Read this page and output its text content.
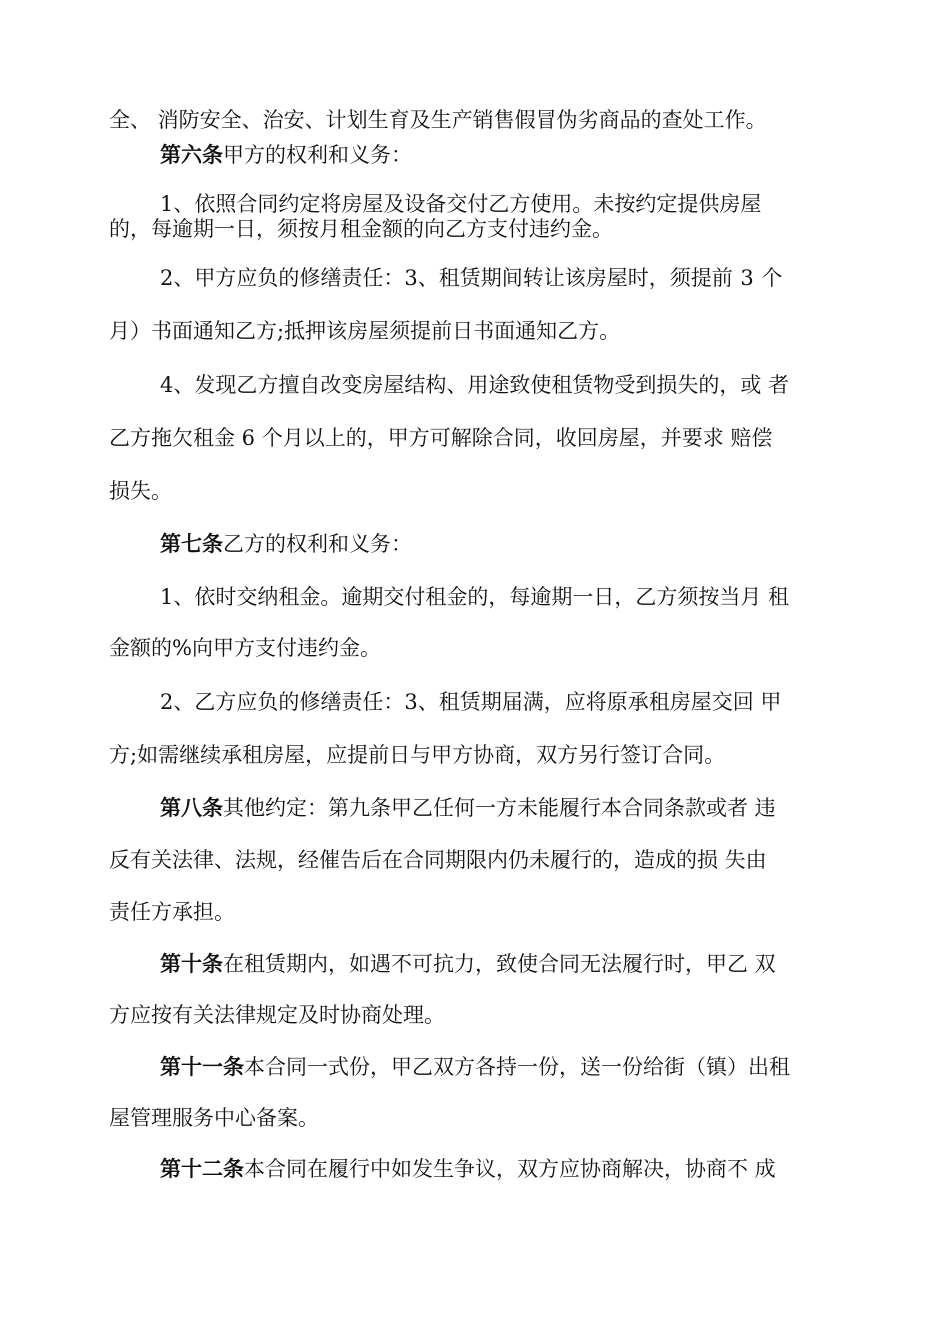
全、 消防安全、治安、计划生育及生产销售假冒伪劣商品的查处工作。
第六条甲方的权利和义务：
1、依照合同约定将房屋及设备交付乙方使用。未按约定提供房屋
的，每逾期一日，须按月租金额的向乙方支付违约金。
2、甲方应负的修缮责任：3、租赁期间转让该房屋时，须提前 3 个
月）书面通知乙方;抵押该房屋须提前日书面通知乙方。
4、发现乙方擅自改变房屋结构、用途致使租赁物受到损失的，或 者
乙方拖欠租金 6 个月以上的，甲方可解除合同，收回房屋，并要求 赔偿
损失。
第七条乙方的权利和义务：
1、依时交纳租金。逾期交付租金的，每逾期一日，乙方须按当月 租
金额的%向甲方支付违约金。
2、乙方应负的修缮责任：3、租赁期届满，应将原承租房屋交回 甲
方;如需继续承租房屋，应提前日与甲方协商，双方另行签订合同。
第八条其他约定：第九条甲乙任何一方未能履行本合同条款或者 违
反有关法律、法规，经催告后在合同期限内仍未履行的，造成的损 失由
责任方承担。
第十条在租赁期内，如遇不可抗力，致使合同无法履行时，甲乙 双
方应按有关法律规定及时协商处理。
第十一条本合同一式份，甲乙双方各持一份，送一份给街（镇）出租
屋管理服务中心备案。
第十二条本合同在履行中如发生争议，双方应协商解决，协商不 成
